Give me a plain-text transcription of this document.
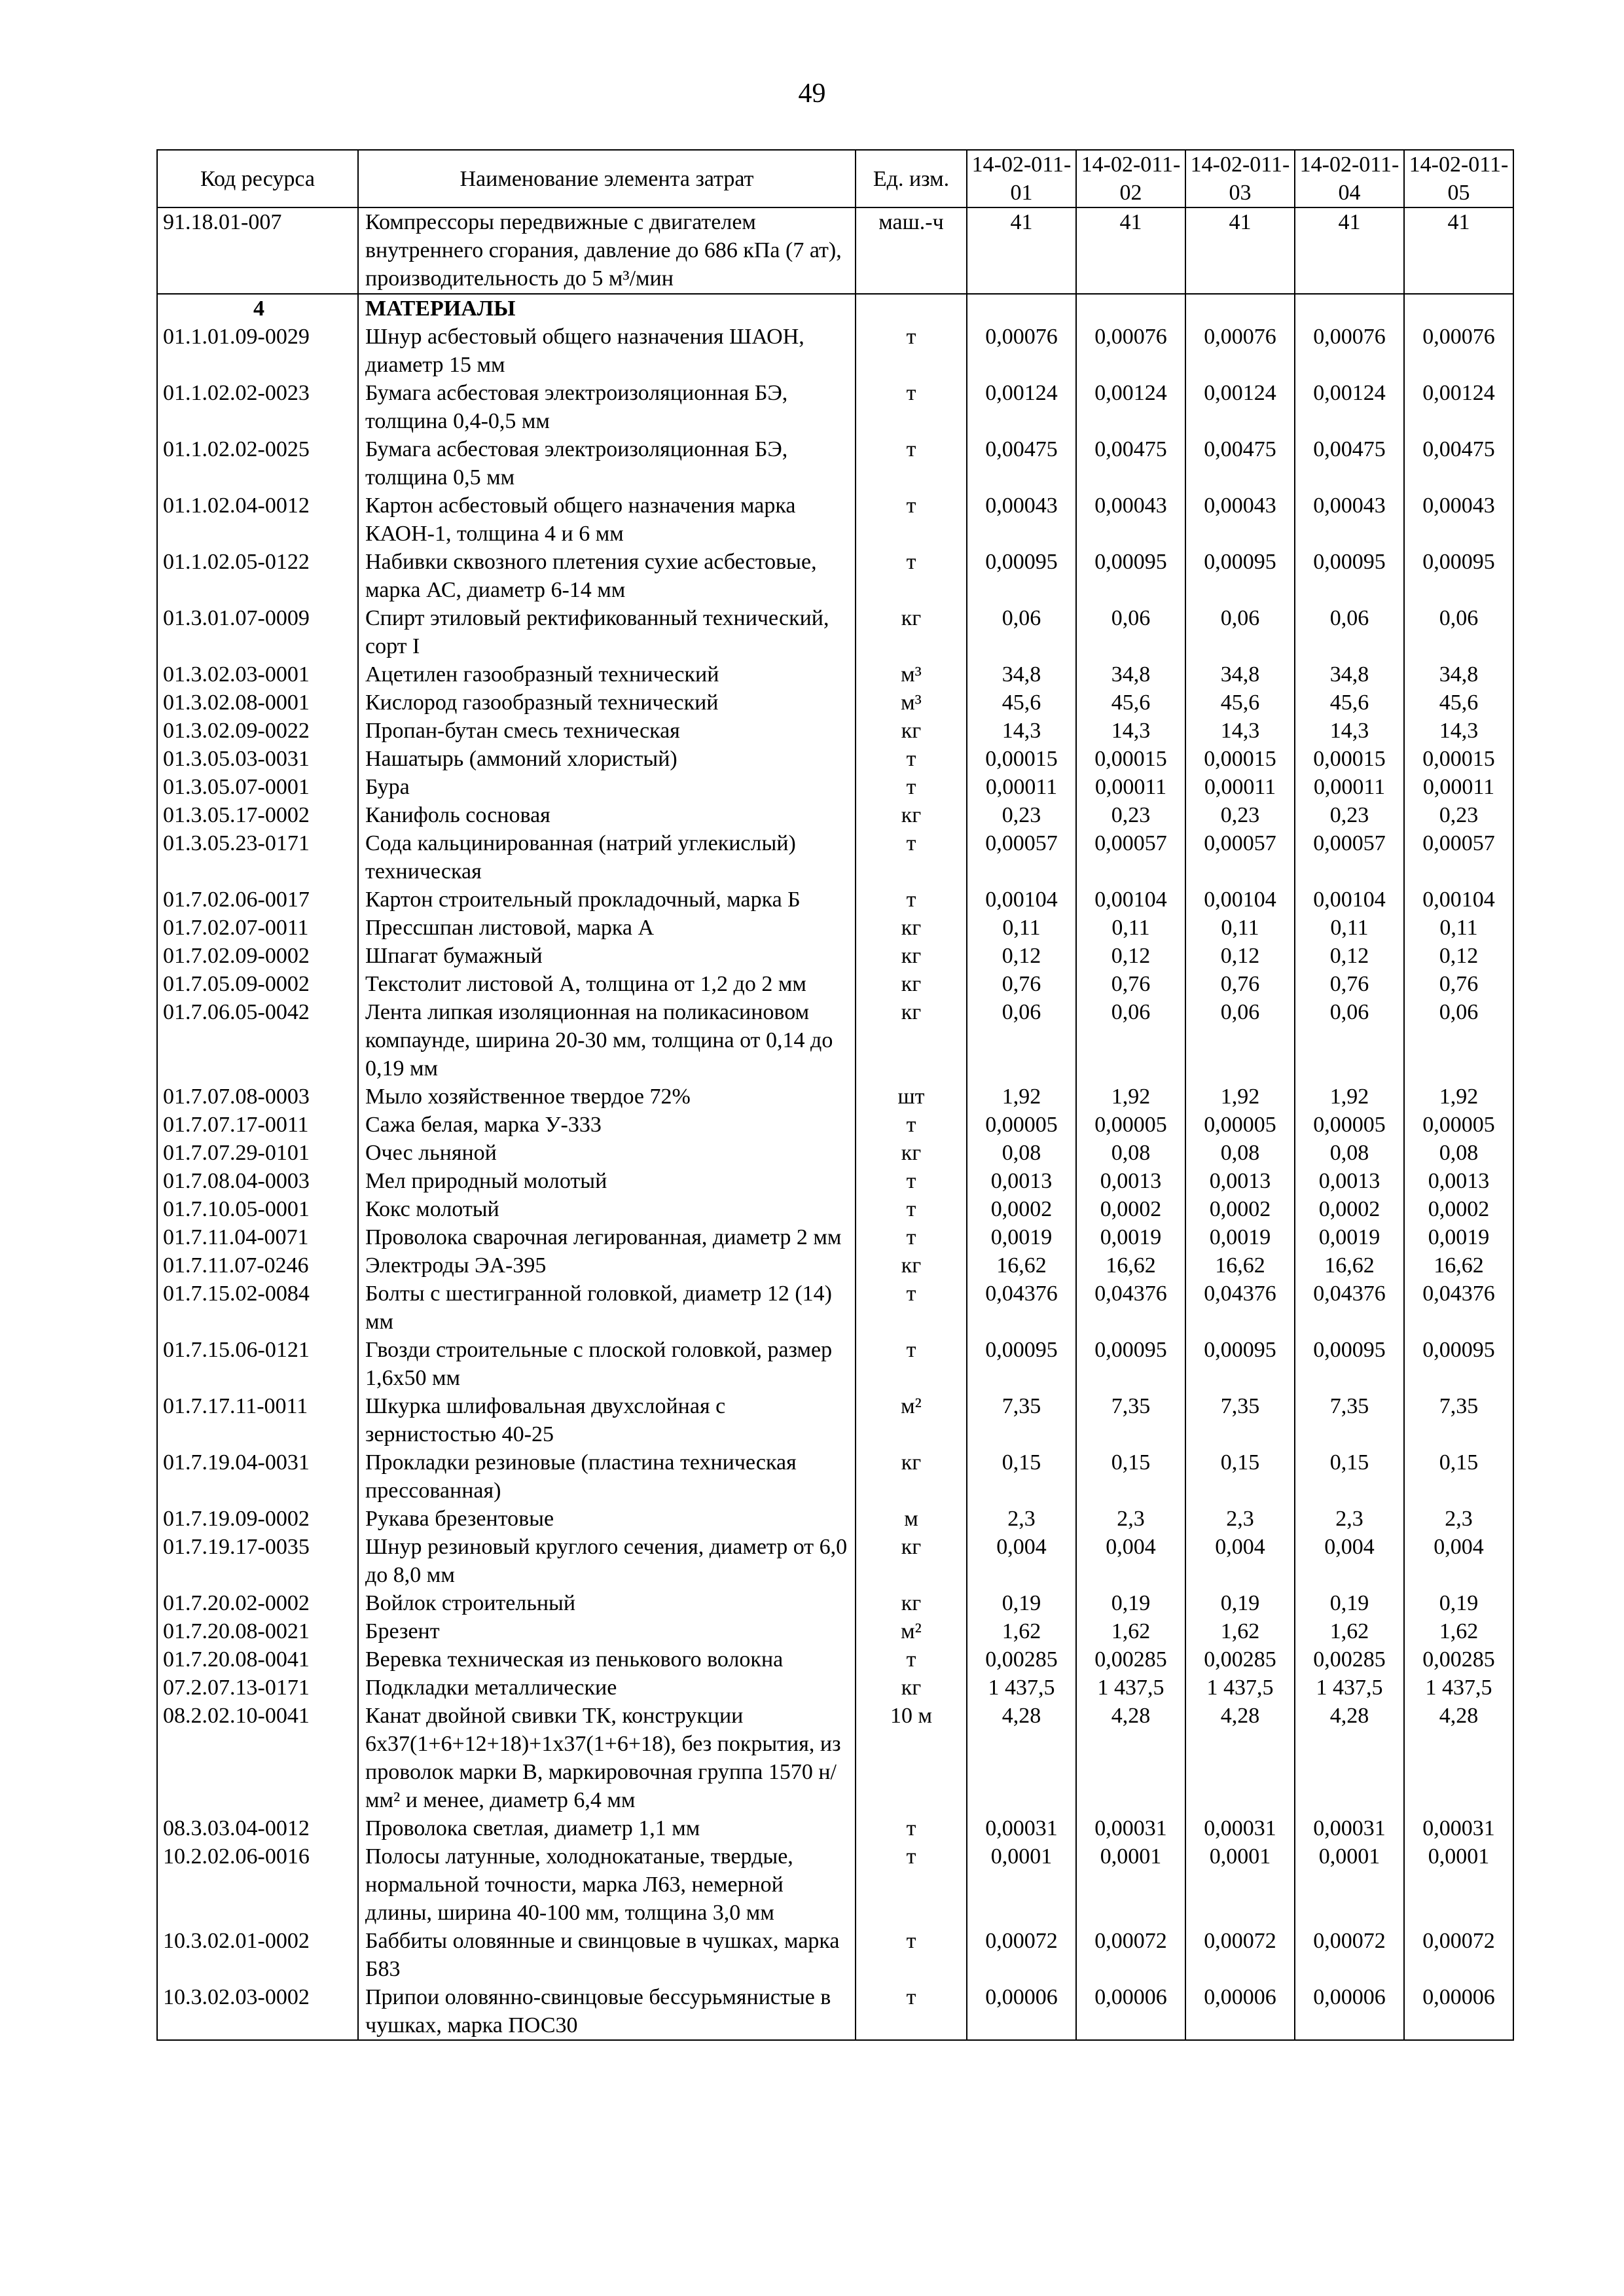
49
Код ресурса	Наименование элемента затрат	Ед. изм.	14-02-011-01	14-02-011-02	14-02-011-03	14-02-011-04	14-02-011-05
91.18.01-007	Компрессоры передвижные с двигателем внутреннего сгорания, давление до 686 кПа (7 ат), производительность до 5 м³/мин	маш.-ч	41	41	41	41	41
4	МАТЕРИАЛЫ						
01.1.01.09-0029	Шнур асбестовый общего назначения ШАОН, диаметр 15 мм	т	0,00076	0,00076	0,00076	0,00076	0,00076
01.1.02.02-0023	Бумага асбестовая электроизоляционная БЭ, толщина 0,4-0,5 мм	т	0,00124	0,00124	0,00124	0,00124	0,00124
01.1.02.02-0025	Бумага асбестовая электроизоляционная БЭ, толщина 0,5 мм	т	0,00475	0,00475	0,00475	0,00475	0,00475
01.1.02.04-0012	Картон асбестовый общего назначения марка КАОН-1, толщина 4 и 6 мм	т	0,00043	0,00043	0,00043	0,00043	0,00043
01.1.02.05-0122	Набивки сквозного плетения сухие асбестовые, марка АС, диаметр 6-14 мм	т	0,00095	0,00095	0,00095	0,00095	0,00095
01.3.01.07-0009	Спирт этиловый ректификованный технический, сорт I	кг	0,06	0,06	0,06	0,06	0,06
01.3.02.03-0001	Ацетилен газообразный технический	м³	34,8	34,8	34,8	34,8	34,8
01.3.02.08-0001	Кислород газообразный технический	м³	45,6	45,6	45,6	45,6	45,6
01.3.02.09-0022	Пропан-бутан смесь техническая	кг	14,3	14,3	14,3	14,3	14,3
01.3.05.03-0031	Нашатырь (аммоний хлористый)	т	0,00015	0,00015	0,00015	0,00015	0,00015
01.3.05.07-0001	Бура	т	0,00011	0,00011	0,00011	0,00011	0,00011
01.3.05.17-0002	Канифоль сосновая	кг	0,23	0,23	0,23	0,23	0,23
01.3.05.23-0171	Сода кальцинированная (натрий углекислый) техническая	т	0,00057	0,00057	0,00057	0,00057	0,00057
01.7.02.06-0017	Картон строительный прокладочный, марка Б	т	0,00104	0,00104	0,00104	0,00104	0,00104
01.7.02.07-0011	Прессшпан листовой, марка А	кг	0,11	0,11	0,11	0,11	0,11
01.7.02.09-0002	Шпагат бумажный	кг	0,12	0,12	0,12	0,12	0,12
01.7.05.09-0002	Текстолит листовой А, толщина от 1,2 до 2 мм	кг	0,76	0,76	0,76	0,76	0,76
01.7.06.05-0042	Лента липкая изоляционная на поликасиновом компаунде, ширина 20-30 мм, толщина от 0,14 до 0,19 мм	кг	0,06	0,06	0,06	0,06	0,06
01.7.07.08-0003	Мыло хозяйственное твердое 72%	шт	1,92	1,92	1,92	1,92	1,92
01.7.07.17-0011	Сажа белая, марка У-333	т	0,00005	0,00005	0,00005	0,00005	0,00005
01.7.07.29-0101	Очес льняной	кг	0,08	0,08	0,08	0,08	0,08
01.7.08.04-0003	Мел природный молотый	т	0,0013	0,0013	0,0013	0,0013	0,0013
01.7.10.05-0001	Кокс молотый	т	0,0002	0,0002	0,0002	0,0002	0,0002
01.7.11.04-0071	Проволока сварочная легированная, диаметр 2 мм	т	0,0019	0,0019	0,0019	0,0019	0,0019
01.7.11.07-0246	Электроды ЭА-395	кг	16,62	16,62	16,62	16,62	16,62
01.7.15.02-0084	Болты с шестигранной головкой, диаметр 12 (14) мм	т	0,04376	0,04376	0,04376	0,04376	0,04376
01.7.15.06-0121	Гвозди строительные с плоской головкой, размер 1,6x50 мм	т	0,00095	0,00095	0,00095	0,00095	0,00095
01.7.17.11-0011	Шкурка шлифовальная двухслойная с зернистостью 40-25	м²	7,35	7,35	7,35	7,35	7,35
01.7.19.04-0031	Прокладки резиновые (пластина техническая прессованная)	кг	0,15	0,15	0,15	0,15	0,15
01.7.19.09-0002	Рукава брезентовые	м	2,3	2,3	2,3	2,3	2,3
01.7.19.17-0035	Шнур резиновый круглого сечения, диаметр от 6,0 до 8,0 мм	кг	0,004	0,004	0,004	0,004	0,004
01.7.20.02-0002	Войлок строительный	кг	0,19	0,19	0,19	0,19	0,19
01.7.20.08-0021	Брезент	м²	1,62	1,62	1,62	1,62	1,62
01.7.20.08-0041	Веревка техническая из пенькового волокна	т	0,00285	0,00285	0,00285	0,00285	0,00285
07.2.07.13-0171	Подкладки металлические	кг	1 437,5	1 437,5	1 437,5	1 437,5	1 437,5
08.2.02.10-0041	Канат двойной свивки ТК, конструкции 6х37(1+6+12+18)+1х37(1+6+18), без покрытия, из проволок марки В, маркировочная группа 1570 н/мм² и менее, диаметр 6,4 мм	10 м	4,28	4,28	4,28	4,28	4,28
08.3.03.04-0012	Проволока светлая, диаметр 1,1 мм	т	0,00031	0,00031	0,00031	0,00031	0,00031
10.2.02.06-0016	Полосы латунные, холоднокатаные, твердые, нормальной точности, марка Л63, немерной длины, ширина 40-100 мм, толщина 3,0 мм	т	0,0001	0,0001	0,0001	0,0001	0,0001
10.3.02.01-0002	Баббиты оловянные и свинцовые в чушках, марка Б83	т	0,00072	0,00072	0,00072	0,00072	0,00072
10.3.02.03-0002	Припои оловянно-свинцовые бессурьмянистые в чушках, марка ПОС30	т	0,00006	0,00006	0,00006	0,00006	0,00006
